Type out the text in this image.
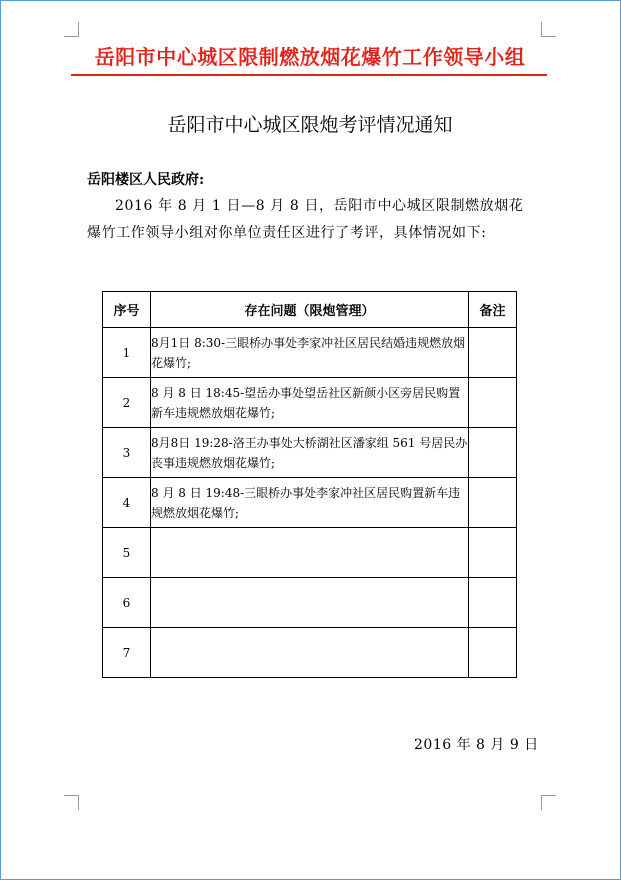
岳阳市中心城区限制燃放烟花爆竹工作领导小组
岳阳市中心城区限炮考评情况通知
岳阳楼区人民政府:
2016 年 8 月 1 日—8 月 8 日，岳阳市中心城区限制燃放烟花爆竹工作领导小组对你单位责任区进行了考评，具体情况如下:
序号	存在问题（限炮管理）	备注
1	8月1日 8:30-三眼桥办事处李家冲社区居民结婚违规燃放烟花爆竹;	
2	8 月 8 日 18:45-望岳办事处望岳社区新颜小区旁居民购置新车违规燃放烟花爆竹;	
3	8月8日 19:28-洛王办事处大桥湖社区潘家组 561 号居民办丧事违规燃放烟花爆竹;	
4	8 月 8 日 19:48-三眼桥办事处李家冲社区居民购置新车违规燃放烟花爆竹;	
5		
6		
7		
2016 年 8 月 9 日
